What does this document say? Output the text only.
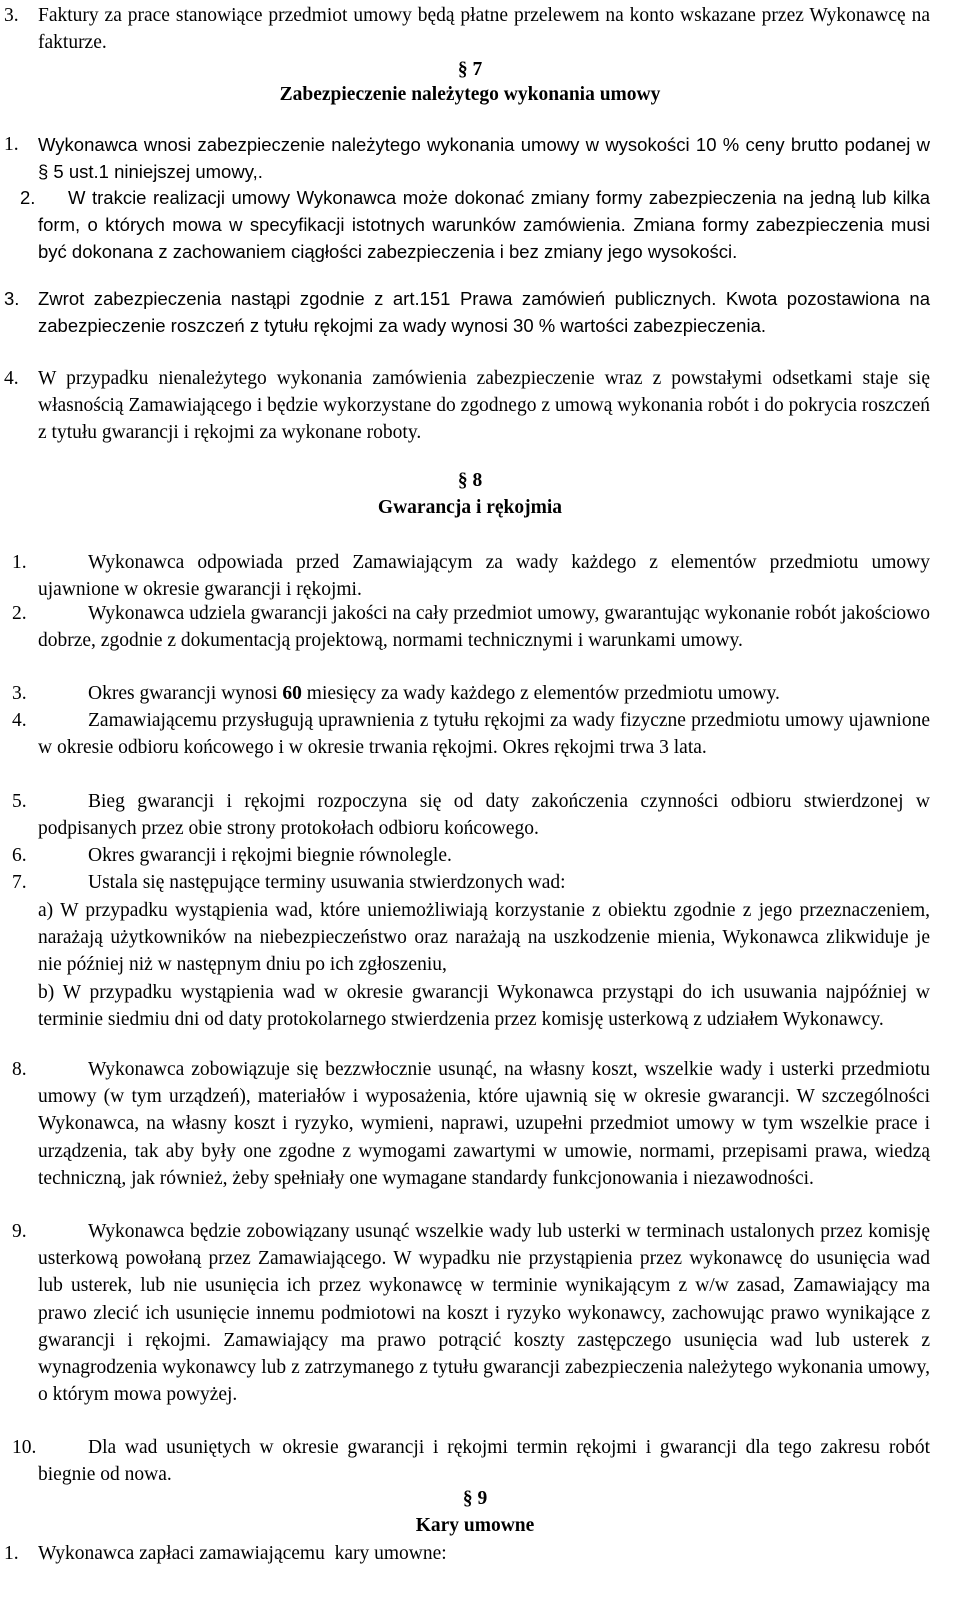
3. Faktury za prace stanowiące przedmiot umowy będą płatne przelewem na konto wskazane przez Wykonawcę na fakturze.
§ 7
Zabezpieczenie należytego wykonania umowy
1. Wykonawca wnosi zabezpieczenie należytego wykonania umowy w wysokości 10 % ceny brutto podanej w § 5 ust.1 niniejszej umowy,.
2.	W trakcie realizacji umowy Wykonawca może dokonać zmiany formy zabezpieczenia na jedną lub kilka form, o których mowa w specyfikacji istotnych warunków zamówienia. Zmiana formy zabezpieczenia musi być dokonana z zachowaniem ciągłości zabezpieczenia i bez zmiany jego wysokości.
3. Zwrot zabezpieczenia nastąpi zgodnie z art.151 Prawa zamówień publicznych. Kwota pozostawiona na zabezpieczenie roszczeń z tytułu rękojmi za wady wynosi 30 % wartości zabezpieczenia.
4. W przypadku nienależytego wykonania zamówienia zabezpieczenie wraz z powstałymi odsetkami staje się własnością Zamawiającego i będzie wykorzystane do zgodnego z umową wykonania robót i do pokrycia roszczeń z tytułu gwarancji i rękojmi za wykonane roboty.
§ 8
Gwarancja i rękojmia
1.	Wykonawca odpowiada przed Zamawiającym za wady każdego z elementów przedmiotu umowy ujawnione w okresie gwarancji i rękojmi.
2.	Wykonawca udziela gwarancji jakości na cały przedmiot umowy, gwarantując wykonanie robót jakościowo dobrze, zgodnie z dokumentacją projektową, normami technicznymi i warunkami umowy.
3.	Okres gwarancji wynosi 60 miesięcy za wady każdego z elementów przedmiotu umowy.
4.	Zamawiającemu przysługują uprawnienia z tytułu rękojmi za wady fizyczne przedmiotu umowy ujawnione w okresie odbioru końcowego i w okresie trwania rękojmi. Okres rękojmi trwa 3 lata.
5.	Bieg gwarancji i rękojmi rozpoczyna się od daty zakończenia czynności odbioru stwierdzonej w podpisanych przez obie strony protokołach odbioru końcowego.
6.	Okres gwarancji i rękojmi biegnie równolegle.
7.	Ustala się następujące terminy usuwania stwierdzonych wad:
a) W przypadku wystąpienia wad, które uniemożliwiają korzystanie z obiektu zgodnie z jego przeznaczeniem, narażają użytkowników na niebezpieczeństwo oraz narażają na uszkodzenie mienia, Wykonawca zlikwiduje je nie później niż w następnym dniu po ich zgłoszeniu,
b) W przypadku wystąpienia wad w okresie gwarancji Wykonawca przystąpi do ich usuwania najpóźniej w terminie siedmiu dni od daty protokolarnego stwierdzenia przez komisję usterkową z udziałem Wykonawcy.
8.	Wykonawca zobowiązuje się bezzwłocznie usunąć, na własny koszt, wszelkie wady i usterki przedmiotu umowy (w tym urządzeń), materiałów i wyposażenia, które ujawnią się w okresie gwarancji. W szczególności Wykonawca, na własny koszt i ryzyko, wymieni, naprawi, uzupełni przedmiot umowy w tym wszelkie prace i urządzenia, tak aby były one zgodne z wymogami zawartymi w umowie, normami, przepisami prawa, wiedzą techniczną, jak również, żeby spełniały one wymagane standardy funkcjonowania i niezawodności.
9.	Wykonawca będzie zobowiązany usunąć wszelkie wady lub usterki w terminach ustalonych przez komisję usterkową powołaną przez Zamawiającego. W wypadku nie przystąpienia przez wykonawcę do usunięcia wad lub usterek, lub nie usunięcia ich przez wykonawcę w terminie wynikającym z w/w zasad, Zamawiający ma prawo zlecić ich usunięcie innemu podmiotowi na koszt i ryzyko wykonawcy, zachowując prawo wynikające z gwarancji i rękojmi. Zamawiający ma prawo potrącić koszty zastępczego usunięcia wad lub usterek z wynagrodzenia wykonawcy lub z zatrzymanego z tytułu gwarancji zabezpieczenia należytego wykonania umowy, o którym mowa powyżej.
10.	Dla wad usuniętych w okresie gwarancji i rękojmi termin rękojmi i gwarancji dla tego zakresu robót biegnie od nowa.
§ 9
Kary umowne
1. Wykonawca zapłaci zamawiającemu  kary umowne:
